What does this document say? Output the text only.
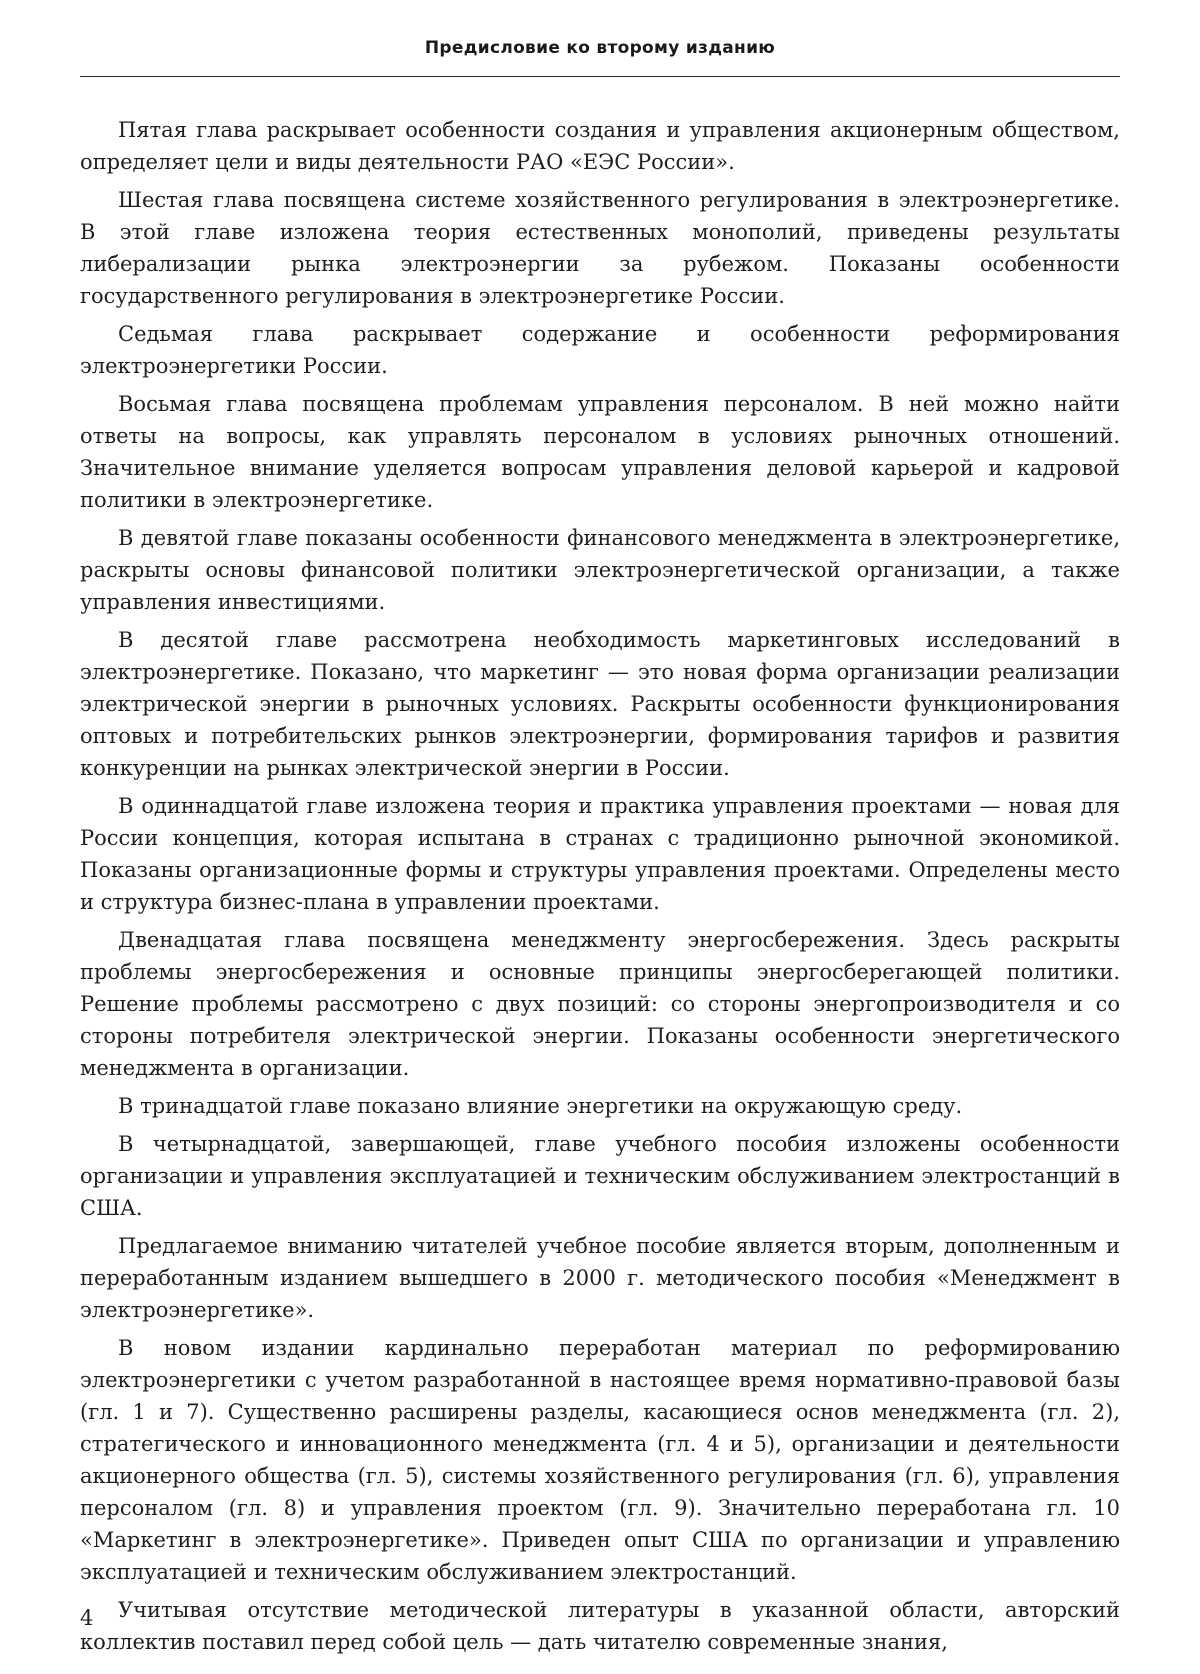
Предисловие ко второму изданию

Пятая глава раскрывает особенности создания и управления акционерным обществом, определяет цели и виды деятельности РАО «ЕЭС России».

Шестая глава посвящена системе хозяйственного регулирования в электроэнергетике. В этой главе изложена теория естественных монополий, приведены результаты либерализации рынка электроэнергии за рубежом. Показаны особенности государственного регулирования в электроэнергетике России.

Седьмая глава раскрывает содержание и особенности реформирования электроэнергетики России.

Восьмая глава посвящена проблемам управления персоналом. В ней можно найти ответы на вопросы, как управлять персоналом в условиях рыночных отношений. Значительное внимание уделяется вопросам управления деловой карьерой и кадровой политики в электроэнергетике.

В девятой главе показаны особенности финансового менеджмента в электроэнергетике, раскрыты основы финансовой политики электроэнергетической организации, а также управления инвестициями.

В десятой главе рассмотрена необходимость маркетинговых исследований в электроэнергетике. Показано, что маркетинг — это новая форма организации реализации электрической энергии в рыночных условиях. Раскрыты особенности функционирования оптовых и потребительских рынков электроэнергии, формирования тарифов и развития конкуренции на рынках электрической энергии в России.

В одиннадцатой главе изложена теория и практика управления проектами — новая для России концепция, которая испытана в странах с традиционно рыночной экономикой. Показаны организационные формы и структуры управления проектами. Определены место и структура бизнес-плана в управлении проектами.

Двенадцатая глава посвящена менеджменту энергосбережения. Здесь раскрыты проблемы энергосбережения и основные принципы энергосберегающей политики. Решение проблемы рассмотрено с двух позиций: со стороны энергопроизводителя и со стороны потребителя электрической энергии. Показаны особенности энергетического менеджмента в организации.

В тринадцатой главе показано влияние энергетики на окружающую среду.

В четырнадцатой, завершающей, главе учебного пособия изложены особенности организации и управления эксплуатацией и техническим обслуживанием электростанций в США.

Предлагаемое вниманию читателей учебное пособие является вторым, дополненным и переработанным изданием вышедшего в 2000 г. методического пособия «Менеджмент в электроэнергетике».

В новом издании кардинально переработан материал по реформированию электроэнергетики с учетом разработанной в настоящее время нормативно-правовой базы (гл. 1 и 7). Существенно расширены разделы, касающиеся основ менеджмента (гл. 2), стратегического и инновационного менеджмента (гл. 4 и 5), организации и деятельности акционерного общества (гл. 5), системы хозяйственного регулирования (гл. 6), управления персоналом (гл. 8) и управления проектом (гл. 9). Значительно переработана гл. 10 «Маркетинг в электроэнергетике». Приведен опыт США по организации и управлению эксплуатацией и техническим обслуживанием электростанций.

Учитывая отсутствие методической литературы в указанной области, авторский коллектив поставил перед собой цель — дать читателю современные знания,

4
